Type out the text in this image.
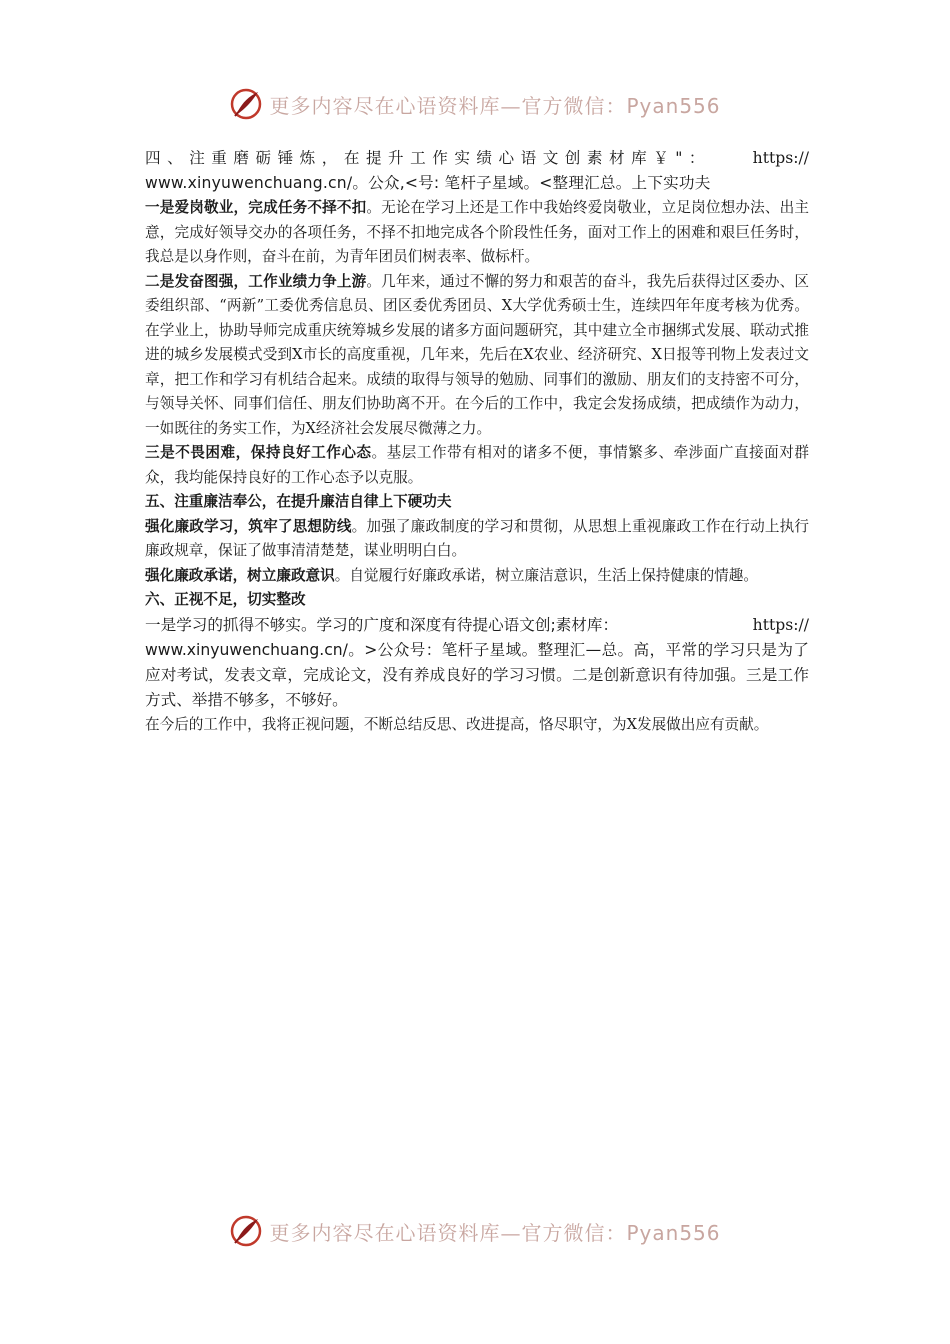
更多内容尽在心语资料库—官方微信：Pyan556

四、注重磨砺锤炼，在提升工作实绩心语文创素材库￥"：	https://

www.xinyuwenchuang.cn/。公众,<号: 笔杆子星域。<整理汇总。上下实功夫

一是爱岗敬业，完成任务不择不扣。无论在学习上还是工作中我始终爱岗敬业，立足岗位想办法、出主意，完成好领导交办的各项任务，不择不扣地完成各个阶段性任务，面对工作上的困难和艰巨任务时，我总是以身作则，奋斗在前，为青年团员们树表率、做标杆。

二是发奋图强，工作业绩力争上游。几年来，通过不懈的努力和艰苦的奋斗，我先后获得过区委办、区委组织部、“两新”工委优秀信息员、团区委优秀团员、X大学优秀硕士生，连续四年年度考核为优秀。在学业上，协助导师完成重庆统筹城乡发展的诸多方面问题研究，其中建立全市捆绑式发展、联动式推进的城乡发展模式受到X市长的高度重视，几年来，先后在X农业、经济研究、X日报等刊物上发表过文章，把工作和学习有机结合起来。成绩的取得与领导的勉励、同事们的激励、朋友们的支持密不可分，与领导关怀、同事们信任、朋友们协助离不开。在今后的工作中，我定会发扬成绩，把成绩作为动力，一如既往的务实工作，为X经济社会发展尽微薄之力。

三是不畏困难，保持良好工作心态。基层工作带有相对的诸多不便，事情繁多、牵涉面广直接面对群众，我均能保持良好的工作心态予以克服。

五、注重廉洁奉公，在提升廉洁自律上下硬功夫

强化廉政学习，筑牢了思想防线。加强了廉政制度的学习和贯彻，从思想上重视廉政工作在行动上执行廉政规章，保证了做事清清楚楚，谋业明明白白。

强化廉政承诺，树立廉政意识。自觉履行好廉政承诺，树立廉洁意识，生活上保持健康的情趣。

六、正视不足，切实整改

一是学习的抓得不够实。学习的广度和深度有待提心语文创;素材库：	https://

www.xinyuwenchuang.cn/。>公众号：笔杆子星域。整理汇—总。高，平常的学习只是为了应对考试，发表文章，完成论文，没有养成良好的学习习惯。二是创新意识有待加强。三是工作方式、举措不够多，不够好。

在今后的工作中，我将正视问题，不断总结反思、改进提高，恪尽职守，为X发展做出应有贡献。

更多内容尽在心语资料库—官方微信：Pyan556
